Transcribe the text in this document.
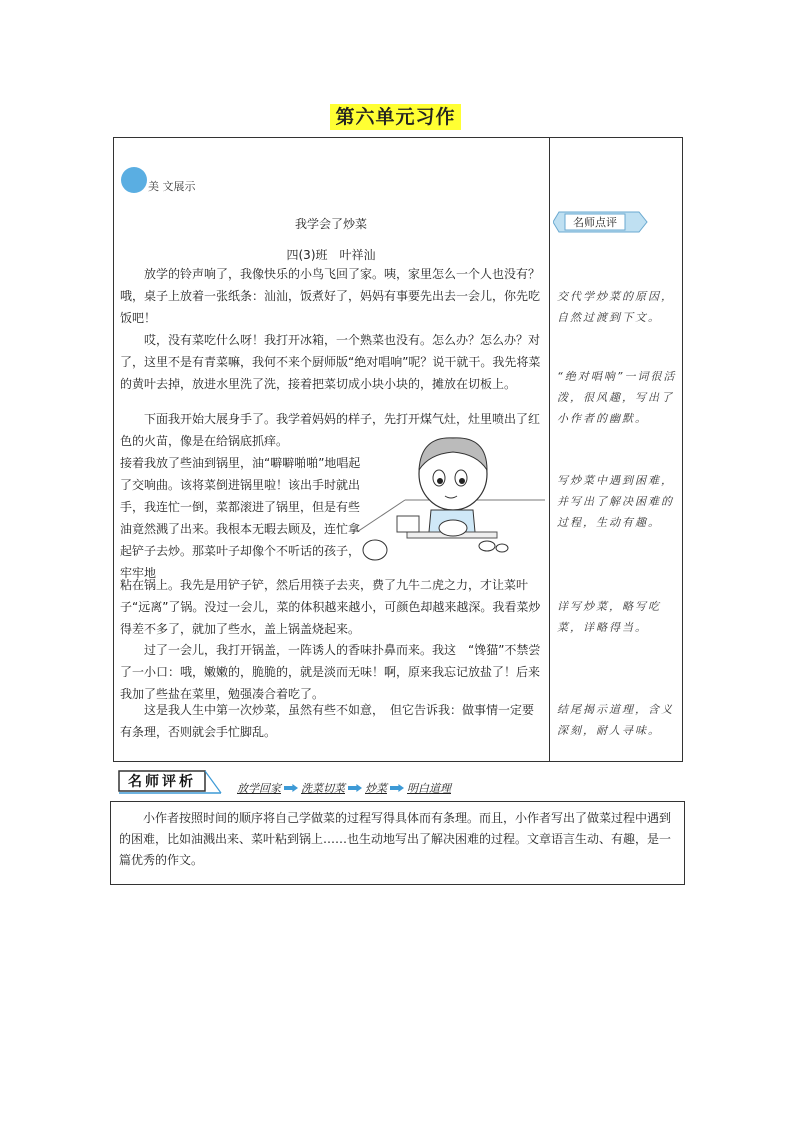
第六单元习作
美 文展示
我学会了炒菜
四(3)班　叶祥汕
放学的铃声响了，我像快乐的小鸟飞回了家。咦，家里怎么一个人也没有？哦，桌子上放着一张纸条：汕汕，饭煮好了，妈妈有事要先出去一会儿，你先吃饭吧！
哎，没有菜吃什么呀！我打开冰箱，一个熟菜也没有。怎么办？怎么办？对了，这里不是有青菜嘛，我何不来个厨师版“绝对唱响”呢？说干就干。我先将菜的黄叶去掉，放进水里洗了洗，接着把菜切成小块小块的，摊放在切板上。
下面我开始大展身手了。我学着妈妈的样子，先打开煤气灶，灶里喷出了红色的火苗，像是在给锅底抓痒。
接着我放了些油到锅里，油“噼噼啪啪”地唱起了交响曲。该将菜倒进锅里啦！该出手时就出手，我连忙一倒，菜都滚进了锅里，但是有些油竟然溅了出来。我根本无暇去顾及，连忙拿起铲子去炒。那菜叶子却像个不听话的孩子，牢牢地
粘在锅上。我先是用铲子铲，然后用筷子去夹，费了九牛二虎之力，才让菜叶子“远离”了锅。没过一会儿，菜的体积越来越小，可颜色却越来越深。我看菜炒得差不多了，就加了些水，盖上锅盖烧起来。
过了一会儿，我打开锅盖，一阵诱人的香味扑鼻而来。我这　“馋猫”不禁尝了一小口：哦，嫩嫩的，脆脆的，就是淡而无味！啊，原来我忘记放盐了！后来我加了些盐在菜里，勉强凑合着吃了。
这是我人生中第一次炒菜，虽然有些不如意，　但它告诉我：做事情一定要有条理，否则就会手忙脚乱。
名师点评
交代学炒菜的原因，自然过渡到下文。
“绝对唱响”一词很活泼，很风趣，写出了小作者的幽默。
写炒菜中遇到困难，并写出了解决困难的过程，生动有趣。
详写炒菜，略写吃菜，详略得当。
结尾揭示道理，含义深刻，耐人寻味。
名师评析	放学回家 洗菜切菜 炒菜 明白道理
小作者按照时间的顺序将自己学做菜的过程写得具体而有条理。而且，小作者写出了做菜过程中遇到的困难，比如油溅出来、菜叶粘到锅上……也生动地写出了解决困难的过程。文章语言生动、有趣，是一篇优秀的作文。
